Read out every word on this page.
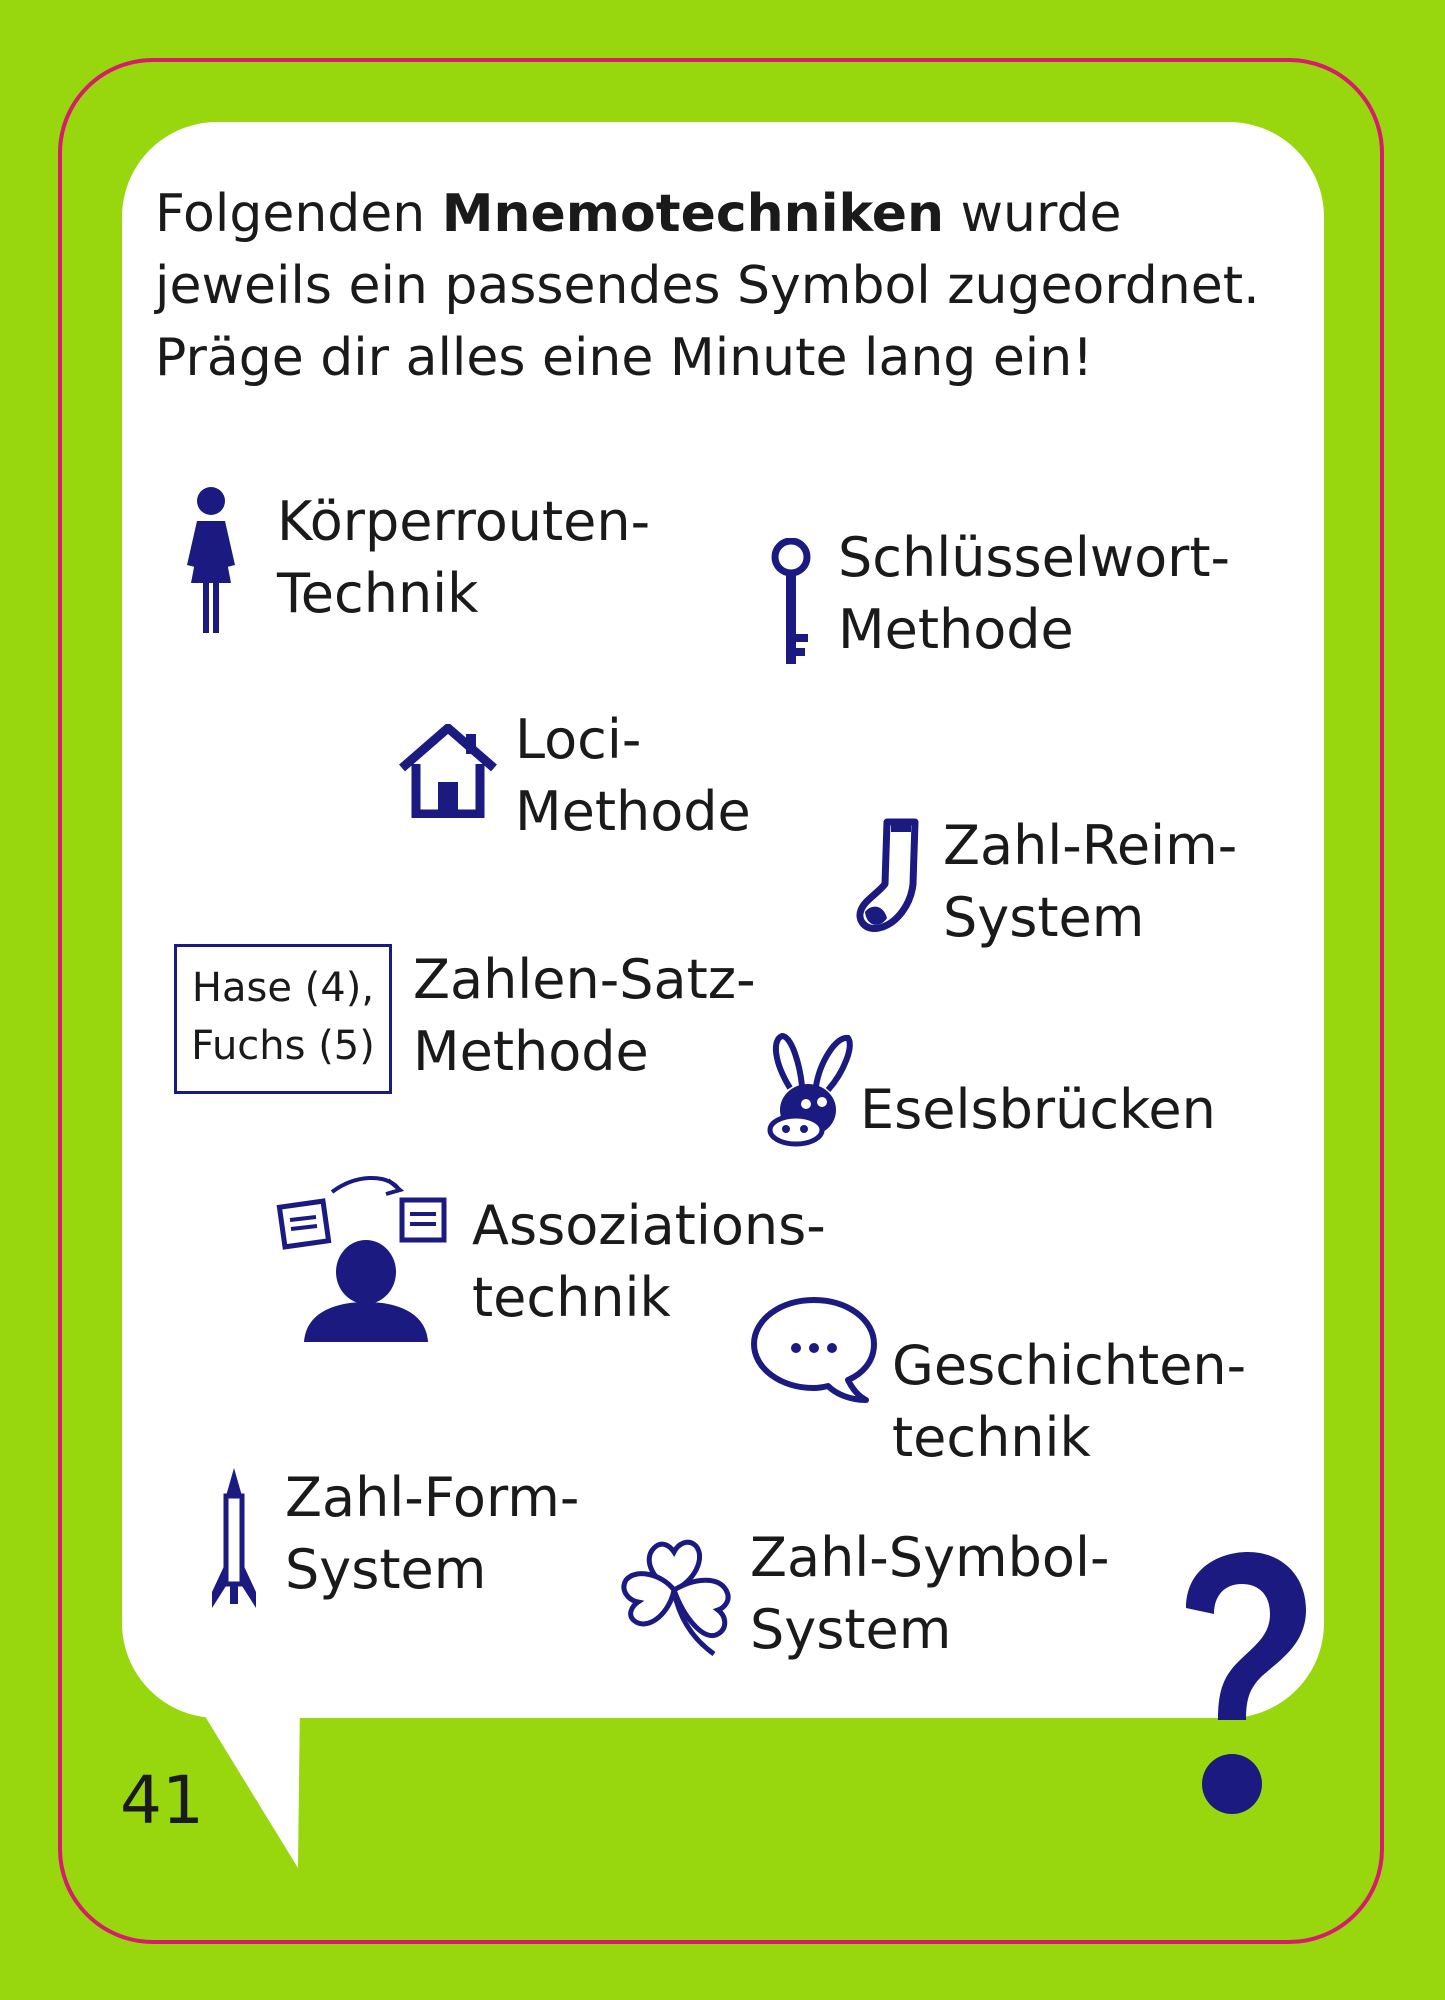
Folgenden Mnemotechniken wurde jeweils ein passendes Symbol zugeordnet. Präge dir alles eine Minute lang ein!
Körperrouten-
Technik
Schlüsselwort-
Methode
Loci-
Methode
Zahl-Reim-
System
Hase (4),
Fuchs (5)
Zahlen-Satz-
Methode
Eselsbrücken
Assoziations-
technik
Geschichten-
technik
Zahl-Form-
System	Zahl-Symbol-
System
41
